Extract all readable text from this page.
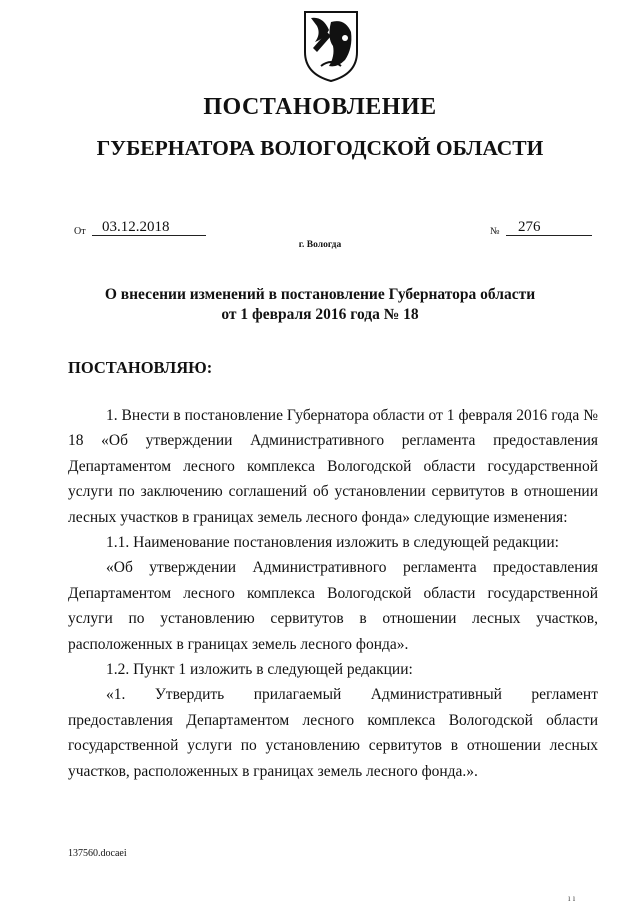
ПОСТАНОВЛЕНИЕ
ГУБЕРНАТОРА ВОЛОГОДСКОЙ ОБЛАСТИ
От	03.12.2018	№	276
г. Вологда
О внесении изменений в постановление Губернатора области
от 1 февраля 2016 года № 18
ПОСТАНОВЛЯЮ:

1. Внести в постановление Губернатора области от 1 февраля 2016 года № 18 «Об утверждении Административного регламента предоставления Департаментом лесного комплекса Вологодской области государственной услуги по заключению соглашений об установлении сервитутов в отношении лесных участков в границах земель лесного фонда» следующие изменения:

1.1. Наименование постановления изложить в следующей редакции:

«Об утверждении Административного регламента предоставления Департаментом лесного комплекса Вологодской области государственной услуги по установлению сервитутов в отношении лесных участков, расположенных в границах земель лесного фонда».

1.2. Пункт 1 изложить в следующей редакции:

«1. Утвердить прилагаемый Административный регламент предоставления Департаментом лесного комплекса Вологодской области государственной услуги по установлению сервитутов в отношении лесных участков, расположенных в границах земель лесного фонда.».

137560.docaei
ı ı
